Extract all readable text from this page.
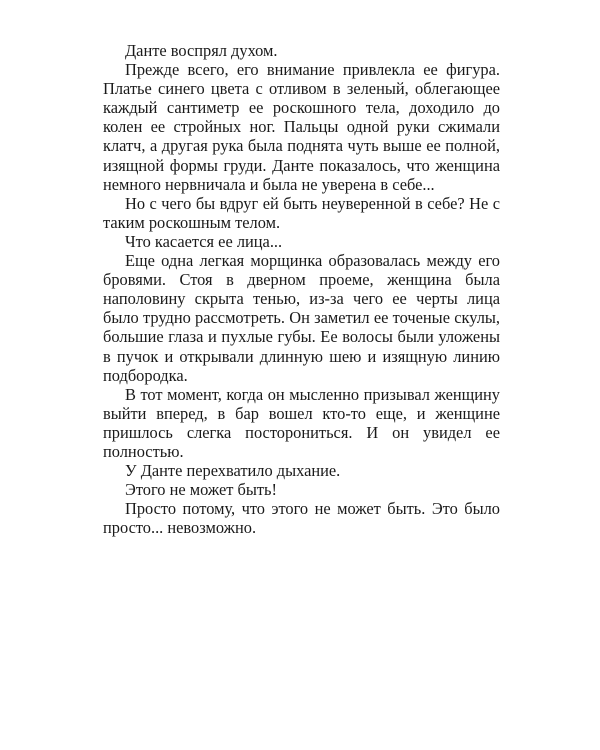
Данте воспрял духом.

Прежде всего, его внимание привлекла ее фигура. Платье синего цвета с отливом в зеленый, облегающее каждый сантиметр ее роскошного тела, доходило до колен ее стройных ног. Пальцы одной руки сжимали клатч, а другая рука была поднята чуть выше ее полной, изящной формы груди. Данте показалось, что женщина немного нервничала и была не уверена в себе...

Но с чего бы вдруг ей быть неуверенной в себе? Не с таким роскошным телом.

Что касается ее лица...

Еще одна легкая морщинка образовалась между его бровями. Стоя в дверном проеме, женщина была наполовину скрыта тенью, из-за чего ее черты лица было трудно рассмотреть. Он заметил ее точеные скулы, большие глаза и пухлые губы. Ее волосы были уложены в пучок и открывали длинную шею и изящную линию подбородка.

В тот момент, когда он мысленно призывал женщину выйти вперед, в бар вошел кто-то еще, и женщине пришлось слегка посторониться. И он увидел ее полностью.

У Данте перехватило дыхание.

Этого не может быть!

Просто потому, что этого не может быть. Это было просто... невозможно.
